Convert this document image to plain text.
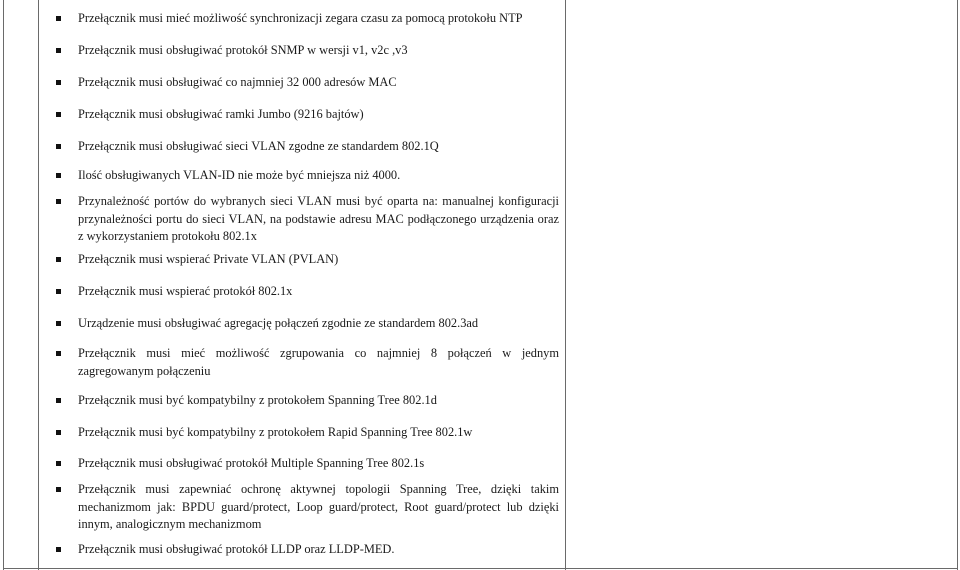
Przełącznik musi mieć możliwość synchronizacji zegara czasu za pomocą protokołu NTP
Przełącznik musi obsługiwać protokół SNMP w wersji v1, v2c ,v3
Przełącznik musi obsługiwać co najmniej 32 000 adresów MAC
Przełącznik musi obsługiwać ramki Jumbo (9216 bajtów)
Przełącznik musi obsługiwać sieci VLAN zgodne ze standardem 802.1Q
Ilość obsługiwanych VLAN-ID nie może być mniejsza niż 4000.
Przynależność portów do wybranych sieci VLAN musi być oparta na: manualnej konfiguracji przynależności portu do sieci VLAN, na podstawie adresu MAC podłączonego urządzenia oraz z wykorzystaniem protokołu 802.1x
Przełącznik musi wspierać Private VLAN (PVLAN)
Przełącznik musi wspierać protokół 802.1x
Urządzenie musi obsługiwać agregację połączeń zgodnie ze standardem 802.3ad
Przełącznik musi mieć możliwość zgrupowania co najmniej 8 połączeń w jednym zagregowanym połączeniu
Przełącznik musi być kompatybilny z protokołem Spanning Tree 802.1d
Przełącznik musi być kompatybilny z protokołem Rapid Spanning Tree 802.1w
Przełącznik musi obsługiwać protokół Multiple Spanning Tree 802.1s
Przełącznik musi zapewniać ochronę aktywnej topologii Spanning Tree, dzięki takim mechanizmom jak: BPDU guard/protect, Loop guard/protect, Root guard/protect lub dzięki innym, analogicznym mechanizmom
Przełącznik musi obsługiwać protokół LLDP oraz LLDP-MED.
